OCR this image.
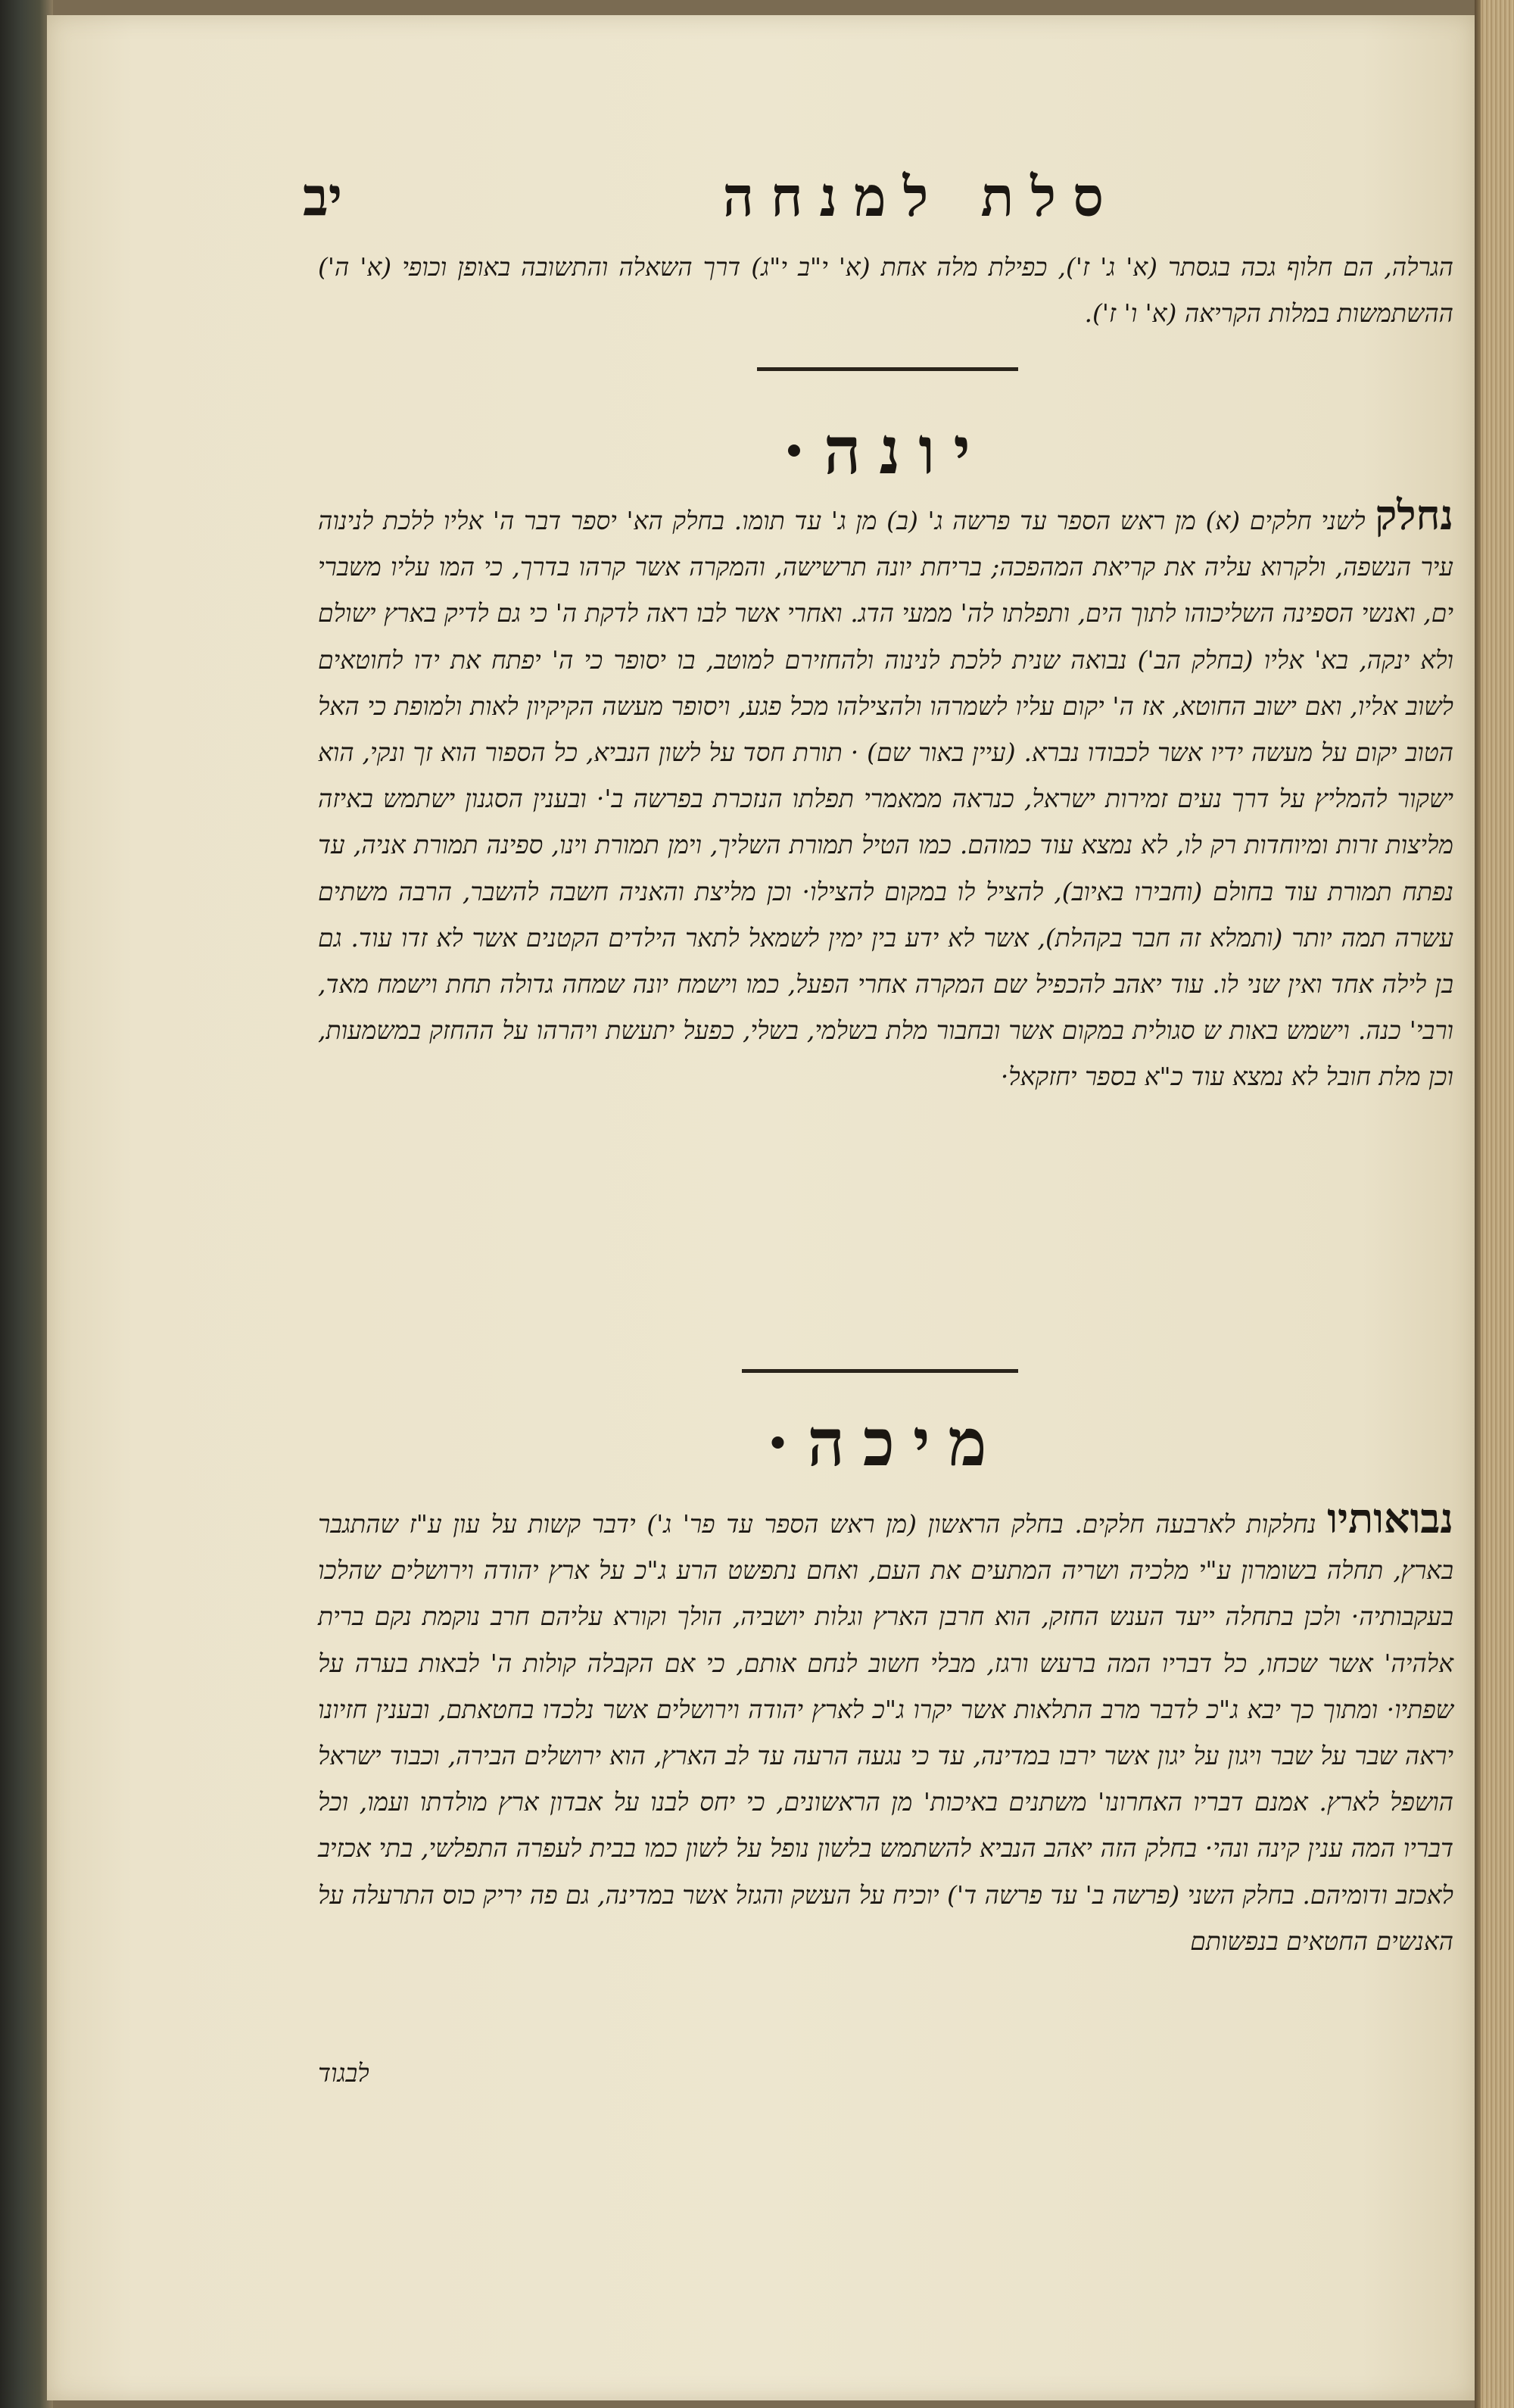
סלת למנחה
יב
הגרלה, הם חלוף גכה בגסתר (א' ג' ז'), כפילת מלה אחת (א' י"ב י"ג) דרך השאלה והתשובה באופן וכופי (א' ה') ההשתמשות במלות הקריאה (א' ו' ז').
יונה·
נחלק לשני חלקים (א) מן ראש הספר עד פרשה ג' (ב) מן ג' עד תומו. בחלק הא' יספר דבר ה' אליו ללכת לנינוה עיר הנשפה, ולקרוא עליה את קריאת המהפכה; בריחת יונה תרשישה, והמקרה אשר קרהו בדרך, כי המו עליו משברי ים, ואנשי הספינה השליכוהו לתוך הים, ותפלתו לה' ממעי הדג. ואחרי אשר לבו ראה לדקת ה' כי גם לדיק בארץ ישולם ולא ינקה, בא' אליו (בחלק הב') נבואה שנית ללכת לנינוה ולהחזירם למוטב, בו יסופר כי ה' יפתח את ידו לחוטאים לשוב אליו, ואם ישוב החוטא, אז ה' יקום עליו לשמרהו ולהצילהו מכל פגע, ויסופר מעשה הקיקיון לאות ולמופת כי האל הטוב יקום על מעשה ידיו אשר לכבודו נברא. (עיין באור שם) · תורת חסד על לשון הנביא, כל הספור הוא זך ונקי, הוא ישקור להמליץ על דרך נעים זמירות ישראל, כנראה ממאמרי תפלתו הנזכרת בפרשה ב'· ובענין הסגנון ישתמש באיזה מליצות זרות ומיוחדות רק לו, לא נמצא עוד כמוהם. כמו הטיל תמורת השליך, וימן תמורת וינו, ספינה תמורת אניה, עד נפתח תמורת עוד בחולם (וחבירו באיוב), להציל לו במקום להצילו· וכן מליצת והאניה חשבה להשבר, הרבה משתים עשרה תמה יותר (ותמלא זה חבר בקהלת), אשר לא ידע בין ימין לשמאל לתאר הילדים הקטנים אשר לא זדו עוד. גם בן לילה אחד ואין שני לו. עוד יאהב להכפיל שם המקרה אחרי הפעל, כמו וישמח יונה שמחה גדולה תחת וישמח מאד, ורבי' כנה. וישמש באות ש סגולית במקום אשר ובחבור מלת בשלמי, בשלי, כפעל יתעשת ויהרהו על ההחזק במשמעות, וכן מלת חובל לא נמצא עוד כ"א בספר יחזקאל·
מיכה·
נבואותיו נחלקות לארבעה חלקים. בחלק הראשון (מן ראש הספר עד פר' ג') ידבר קשות על עון ע"ז שהתגבר בארץ, תחלה בשומרון ע"י מלכיה ושריה המתעים את העם, ואחם נתפשט הרע ג"כ על ארץ יהודה וירושלים שהלכו בעקבותיה· ולכן בתחלה ייעד הענש החזק, הוא חרבן הארץ וגלות יושביה, הולך וקורא עליהם חרב נוקמת נקם ברית אלהיה' אשר שכחו, כל דבריו המה ברעש ורגז, מבלי חשוב לנחם אותם, כי אם הקבלה קולות ה' לבאות בערה על שפתיו· ומתוך כך יבא ג"כ לדבר מרב התלאות אשר יקרו ג"כ לארץ יהודה וירושלים אשר נלכדו בחטאתם, ובענין חזיונו יראה שבר על שבר ויגון על יגון אשר ירבו במדינה, עד כי נגעה הרעה עד לב הארץ, הוא ירושלים הבירה, וכבוד ישראל הושפל לארץ. אמנם דבריו האחרונו' משתנים באיכות' מן הראשונים, כי יחס לבנו על אבדון ארץ מולדתו ועמו, וכל דבריו המה ענין קינה ונהי· בחלק הזה יאהב הנביא להשתמש בלשון נופל על לשון כמו בבית לעפרה התפלשי, בתי אכזיב לאכזב ודומיהם. בחלק השני (פרשה ב' עד פרשה ד') יוכיח על העשק והגזל אשר במדינה, גם פה יריק כוס התרעלה על האנשים החטאים בנפשותם
לבגוד
